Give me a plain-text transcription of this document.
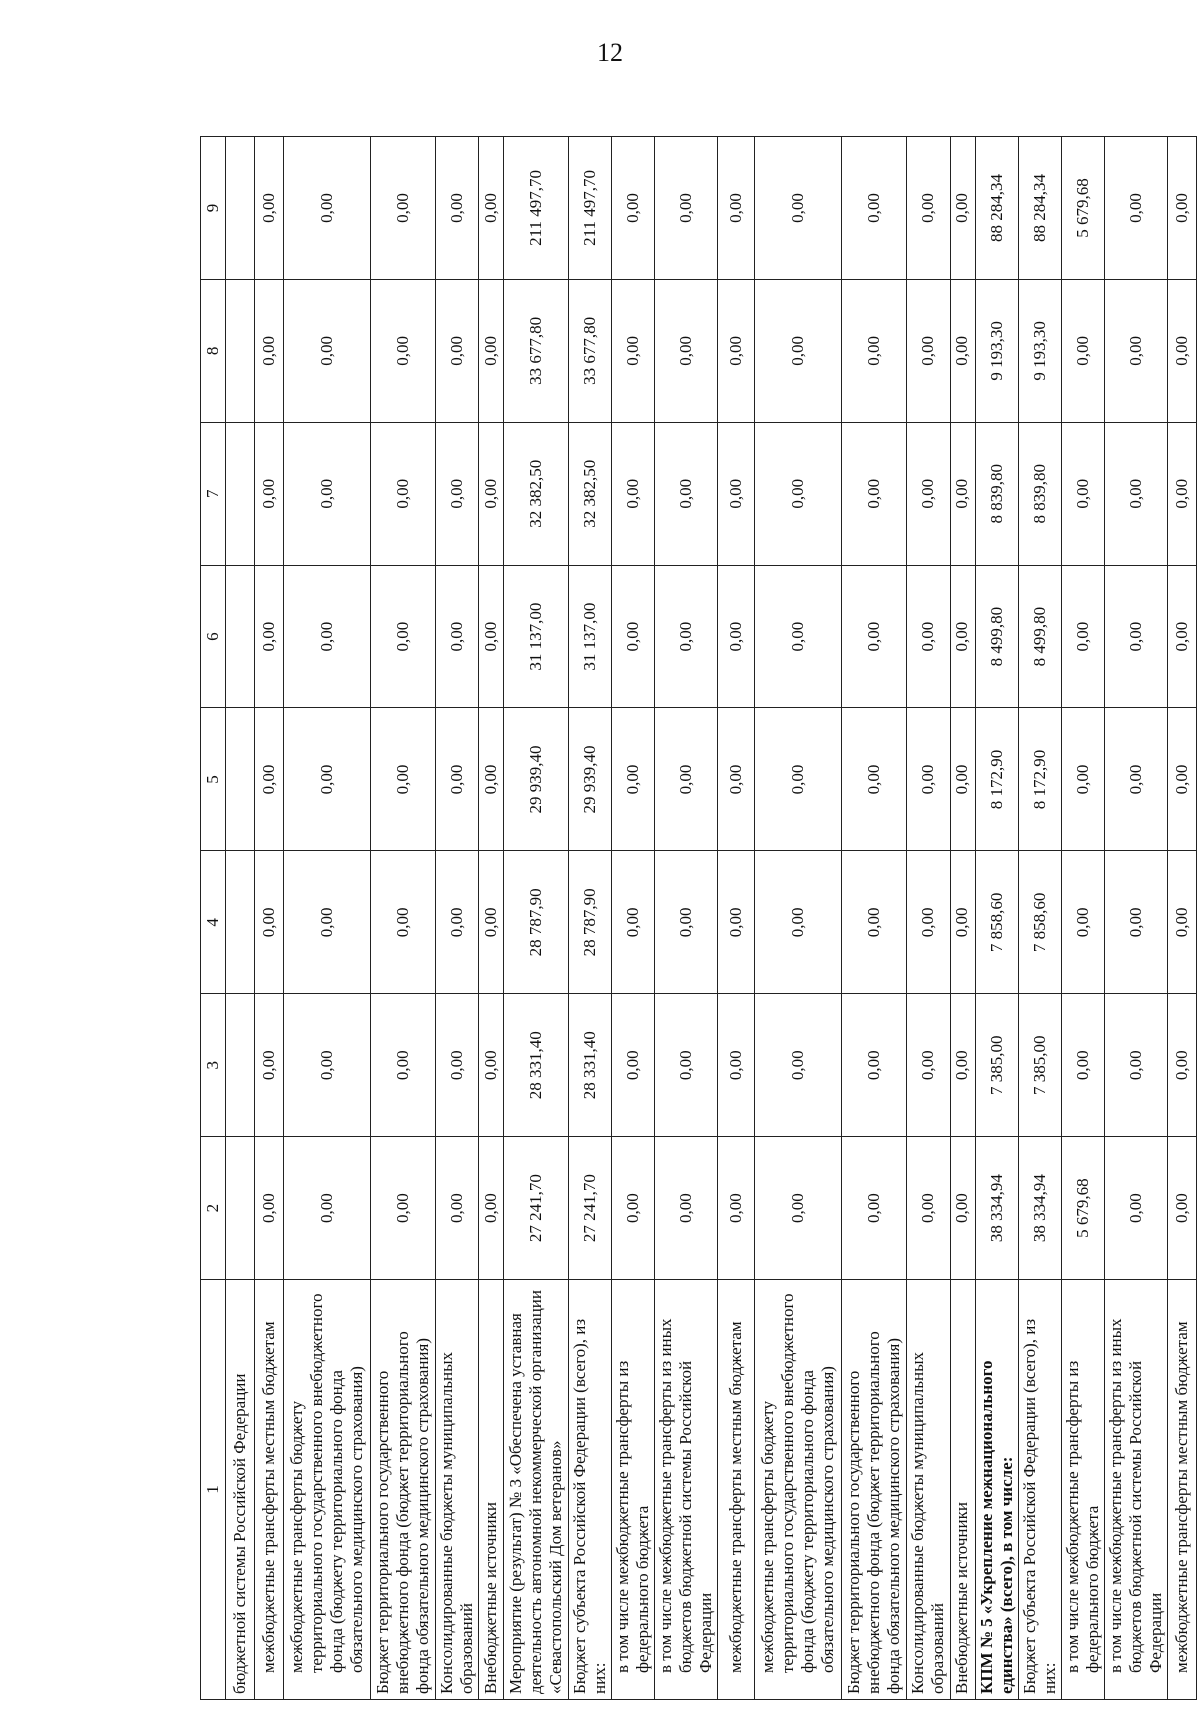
12
1	2	3	4	5	6	7	8	9
бюджетной системы Российской Федерации								
межбюджетные трансферты местным бюджетам	0,00	0,00	0,00	0,00	0,00	0,00	0,00	0,00
межбюджетные трансферты бюджету территориального государственного внебюджетного фонда (бюджету территориального фонда обязательного медицинского страхования)	0,00	0,00	0,00	0,00	0,00	0,00	0,00	0,00
Бюджет территориального государственного внебюджетного фонда (бюджет территориального фонда обязательного медицинского страхования)	0,00	0,00	0,00	0,00	0,00	0,00	0,00	0,00
Консолидированные бюджеты муниципальных образований	0,00	0,00	0,00	0,00	0,00	0,00	0,00	0,00
Внебюджетные источники	0,00	0,00	0,00	0,00	0,00	0,00	0,00	0,00
Мероприятие (результат) № 3 «Обеспечена уставная деятельность автономной некоммерческой организации «Севастопольский Дом ветеранов»	27 241,70	28 331,40	28 787,90	29 939,40	31 137,00	32 382,50	33 677,80	211 497,70
Бюджет субъекта Российской Федерации (всего), из них:	27 241,70	28 331,40	28 787,90	29 939,40	31 137,00	32 382,50	33 677,80	211 497,70
в том числе межбюджетные трансферты из федерального бюджета	0,00	0,00	0,00	0,00	0,00	0,00	0,00	0,00
в том числе межбюджетные трансферты из иных бюджетов бюджетной системы Российской Федерации	0,00	0,00	0,00	0,00	0,00	0,00	0,00	0,00
межбюджетные трансферты местным бюджетам	0,00	0,00	0,00	0,00	0,00	0,00	0,00	0,00
межбюджетные трансферты бюджету территориального государственного внебюджетного фонда (бюджету территориального фонда обязательного медицинского страхования)	0,00	0,00	0,00	0,00	0,00	0,00	0,00	0,00
Бюджет территориального государственного внебюджетного фонда (бюджет территориального фонда обязательного медицинского страхования)	0,00	0,00	0,00	0,00	0,00	0,00	0,00	0,00
Консолидированные бюджеты муниципальных образований	0,00	0,00	0,00	0,00	0,00	0,00	0,00	0,00
Внебюджетные источники	0,00	0,00	0,00	0,00	0,00	0,00	0,00	0,00
КПМ № 5 «Укрепление межнационального единства» (всего), в том числе:	38 334,94	7 385,00	7 858,60	8 172,90	8 499,80	8 839,80	9 193,30	88 284,34
Бюджет субъекта Российской Федерации (всего), из них:	38 334,94	7 385,00	7 858,60	8 172,90	8 499,80	8 839,80	9 193,30	88 284,34
в том числе межбюджетные трансферты из федерального бюджета	5 679,68	0,00	0,00	0,00	0,00	0,00	0,00	5 679,68
в том числе межбюджетные трансферты из иных бюджетов бюджетной системы Российской Федерации	0,00	0,00	0,00	0,00	0,00	0,00	0,00	0,00
межбюджетные трансферты местным бюджетам	0,00	0,00	0,00	0,00	0,00	0,00	0,00	0,00
